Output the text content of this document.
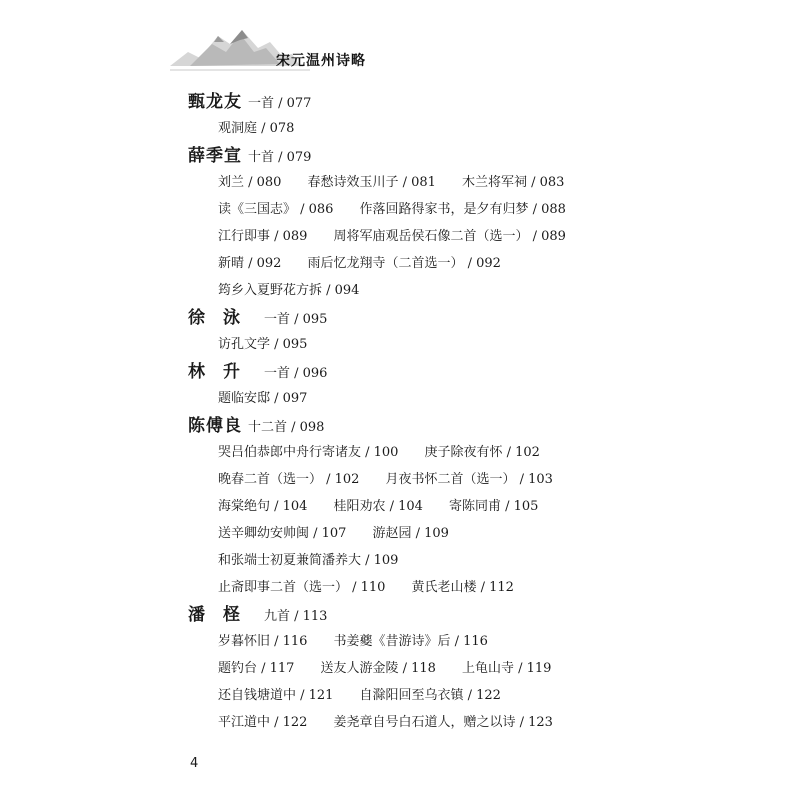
宋元温州诗略
甄龙友 一首 / 077
观洞庭 / 078
薛季宣 十首 / 079
刘兰 / 080 春愁诗效玉川子 / 081 木兰将军祠 / 083
读《三国志》 / 086 作落回路得家书，是夕有归梦 / 088
江行即事 / 089 周将军庙观岳侯石像二首（选一） / 089
新晴 / 092 雨后忆龙翔寺（二首选一） / 092
筠乡入夏野花方拆 / 094
徐泳 一首 / 095
访孔文学 / 095
林升 一首 / 096
题临安邸 / 097
陈傅良 十二首 / 098
哭吕伯恭郎中舟行寄诸友 / 100 庚子除夜有怀 / 102
晚春二首（选一） / 102 月夜书怀二首（选一） / 103
海棠绝句 / 104 桂阳劝农 / 104 寄陈同甫 / 105
送辛卿幼安帅闽 / 107 游赵园 / 109
和张端士初夏兼简潘养大 / 109
止斋即事二首（选一） / 110 黄氏老山楼 / 112
潘柽 九首 / 113
岁暮怀旧 / 116 书姜夔《昔游诗》后 / 116
题钓台 / 117 送友人游金陵 / 118 上龟山寺 / 119
还自钱塘道中 / 121 自滁阳回至乌衣镇 / 122
平江道中 / 122 姜尧章自号白石道人，赠之以诗 / 123
4
